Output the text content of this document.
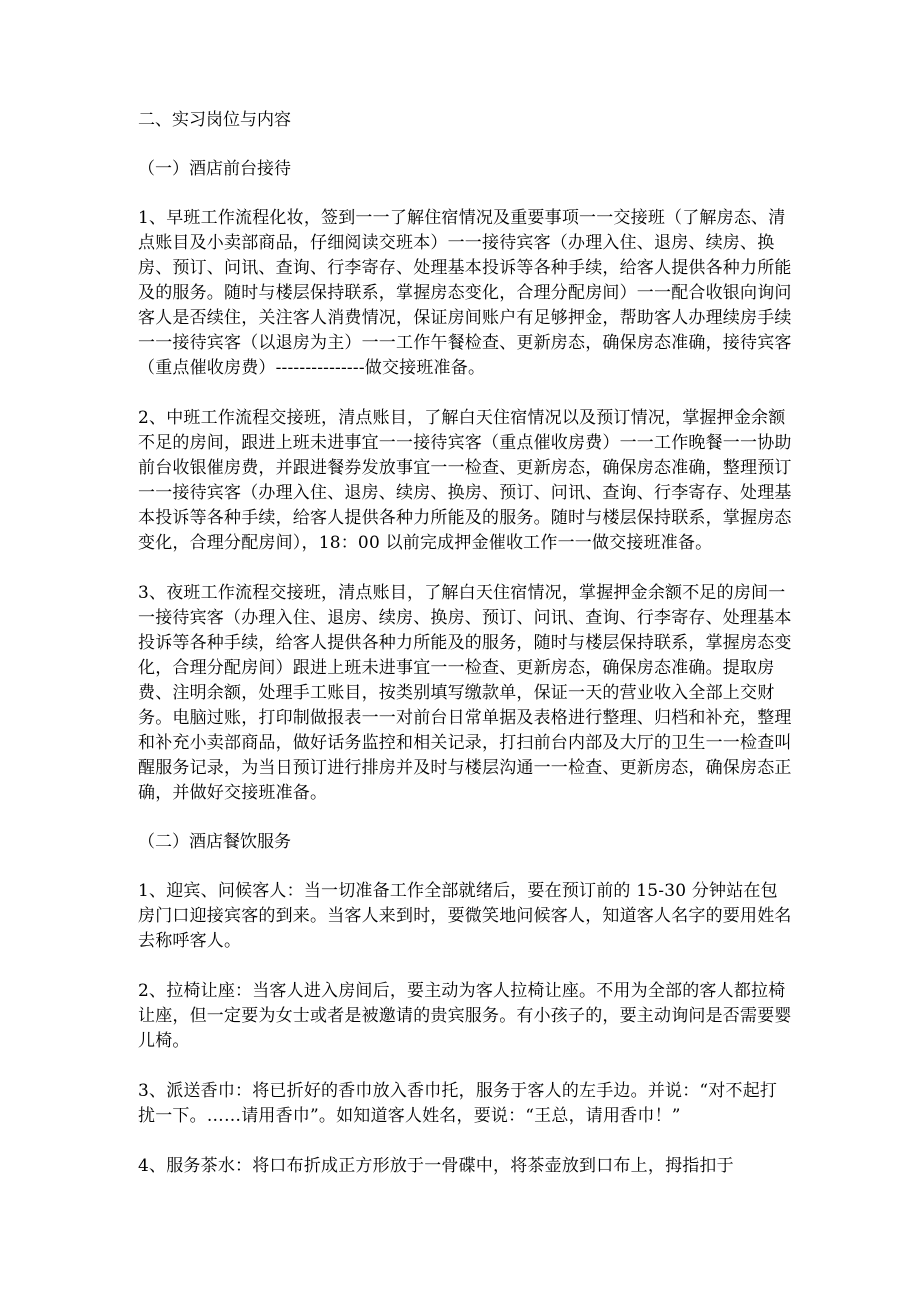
二、实习岗位与内容

（一）酒店前台接待

1、早班工作流程化妆，签到一一了解住宿情况及重要事项一一交接班（了解房态、清点账目及小卖部商品，仔细阅读交班本）一一接待宾客（办理入住、退房、续房、换房、预订、问讯、查询、行李寄存、处理基本投诉等各种手续，给客人提供各种力所能及的服务。随时与楼层保持联系，掌握房态变化，合理分配房间）一一配合收银向询问客人是否续住，关注客人消费情况，保证房间账户有足够押金，帮助客人办理续房手续一一接待宾客（以退房为主）一一工作午餐检查、更新房态，确保房态准确，接待宾客（重点催收房费）---------------做交接班准备。

2、中班工作流程交接班，清点账目，了解白天住宿情况以及预订情况，掌握押金余额不足的房间，跟进上班未进事宜一一接待宾客（重点催收房费）一一工作晚餐一一协助前台收银催房费，并跟进餐券发放事宜一一检查、更新房态，确保房态准确，整理预订一一接待宾客（办理入住、退房、续房、换房、预订、问讯、查询、行李寄存、处理基本投诉等各种手续，给客人提供各种力所能及的服务。随时与楼层保持联系，掌握房态变化，合理分配房间），18：00 以前完成押金催收工作一一做交接班准备。

3、夜班工作流程交接班，清点账目，了解白天住宿情况，掌握押金余额不足的房间一一接待宾客（办理入住、退房、续房、换房、预订、问讯、查询、行李寄存、处理基本投诉等各种手续，给客人提供各种力所能及的服务，随时与楼层保持联系，掌握房态变化，合理分配房间）跟进上班未进事宜一一检查、更新房态，确保房态准确。提取房费、注明余额，处理手工账目，按类别填写缴款单，保证一天的营业收入全部上交财务。电脑过账，打印制做报表一一对前台日常单据及表格进行整理、归档和补充，整理和补充小卖部商品，做好话务监控和相关记录，打扫前台内部及大厅的卫生一一检查叫醒服务记录，为当日预订进行排房并及时与楼层沟通一一检查、更新房态，确保房态正确，并做好交接班准备。

（二）酒店餐饮服务

1、迎宾、问候客人：当一切准备工作全部就绪后，要在预订前的 15-30 分钟站在包房门口迎接宾客的到来。当客人来到时，要微笑地问候客人，知道客人名字的要用姓名去称呼客人。

2、拉椅让座：当客人进入房间后，要主动为客人拉椅让座。不用为全部的客人都拉椅让座，但一定要为女士或者是被邀请的贵宾服务。有小孩子的，要主动询问是否需要婴儿椅。

3、派送香巾：将已折好的香巾放入香巾托，服务于客人的左手边。并说：“对不起打扰一下。……请用香巾”。如知道客人姓名，要说：“王总，请用香巾！”

4、服务茶水：将口布折成正方形放于一骨碟中，将茶壶放到口布上，拇指扣于
